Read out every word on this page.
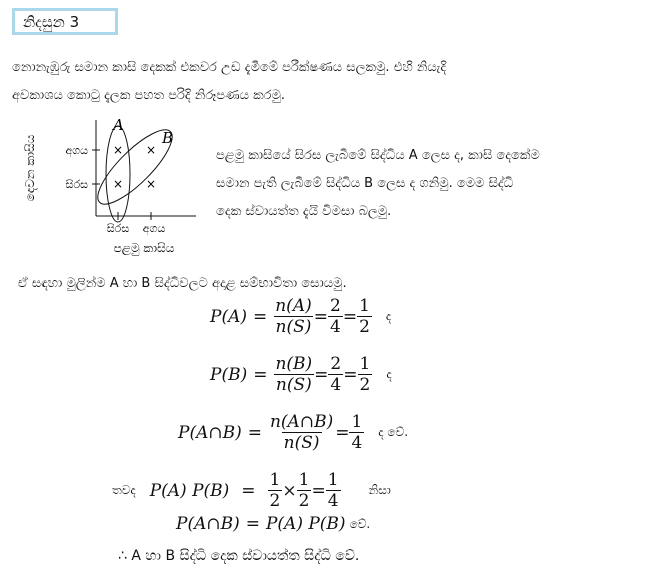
නිදසුන 3
නොනැඹුරු සමාන කාසි දෙකක් එකවර උඩ දැමීමේ පරීක්ෂණය සලකමු. එහි නියැදි
අවකාශය කොටු දැලක පහත පරිදි නිරූපණය කරමු.
A
B
× ×
× ×
අගය
සිරස
සිරස අගය
පළමු කාසිය
දෙවන කාසිය	පළමු කාසියේ සිරස ලැබීමේ සිද්ධිය A ලෙස ද, කාසි දෙකේම
සමාන පැති ලැබීමේ සිද්ධිය B ලෙස ද ගනිමු. මෙම සිද්ධි
දෙක ස්වායත්ත දැයි විමසා බලමු.
ඒ සඳහා මුලින්ම A හා B සිද්ධිවලට අදාළ සම්භාවිතා සොයමු.
$P(A) = \frac{n(A)}{n(S)} = \frac{2}{4} = \frac{1}{2}$ ද
$P(B) = \frac{n(B)}{n(S)} = \frac{2}{4} = \frac{1}{2}$ ද
P(A∩B) = $\frac{n(A\cap B)}{n(S)} = \frac{1}{4}$ ද වේ.
තවද P(A) $P(B) = \frac{1}{2} \times \frac{1}{2} = \frac{1}{4}$ නිසා
P(A∩B) = P(A) P(B) වේ.
∴ A හා B සිද්ධි දෙක ස්වායත්ත සිද්ධි වේ.
